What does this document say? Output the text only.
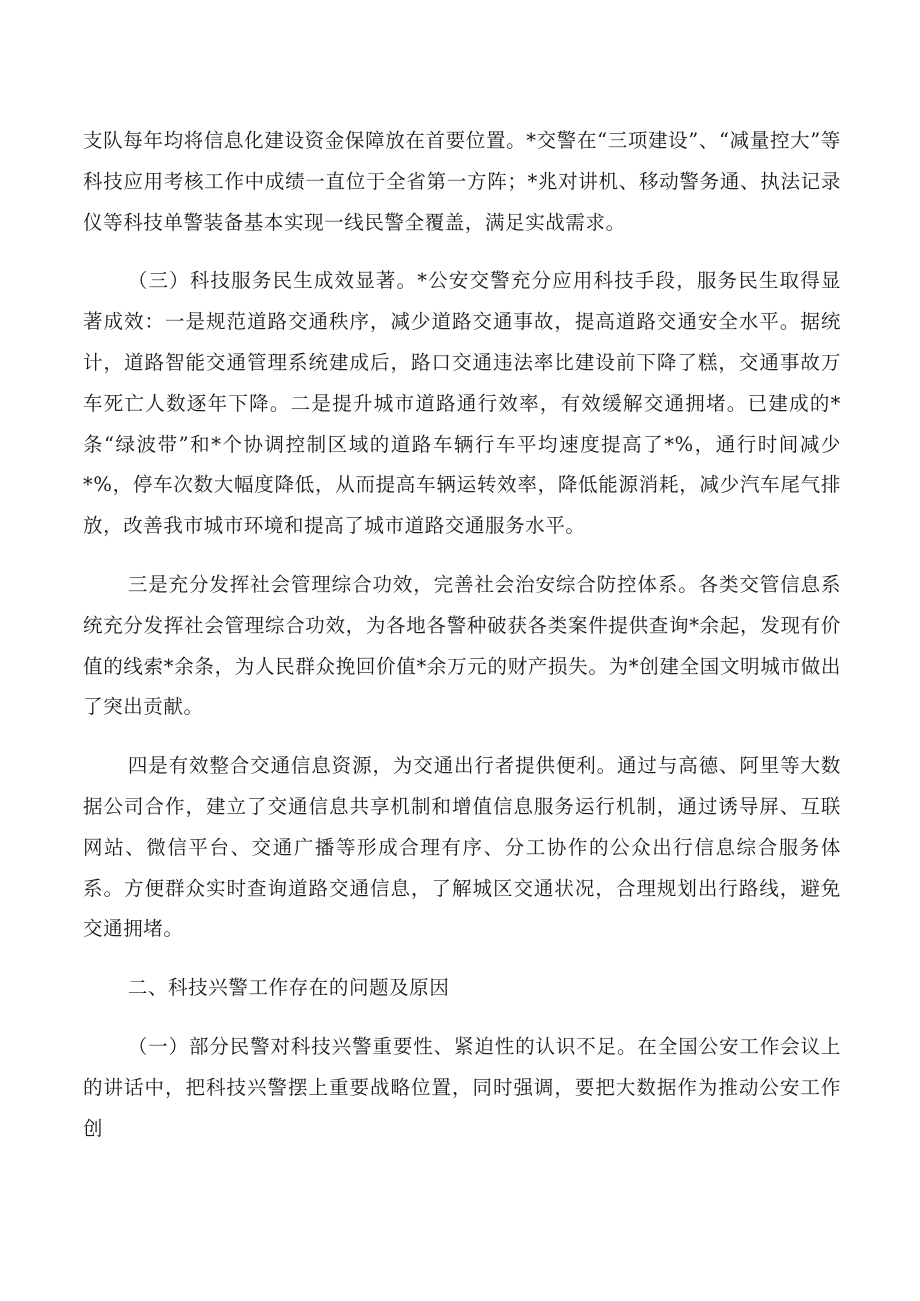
支队每年均将信息化建设资金保障放在首要位置。*交警在“三项建设”、“减量控大”等科技应用考核工作中成绩一直位于全省第一方阵；*兆对讲机、移动警务通、执法记录仪等科技单警装备基本实现一线民警全覆盖，满足实战需求。

（三）科技服务民生成效显著。*公安交警充分应用科技手段，服务民生取得显著成效：一是规范道路交通秩序，减少道路交通事故，提高道路交通安全水平。据统计，道路智能交通管理系统建成后，路口交通违法率比建设前下降了糕，交通事故万车死亡人数逐年下降。二是提升城市道路通行效率，有效缓解交通拥堵。已建成的*条“绿波带”和*个协调控制区域的道路车辆行车平均速度提高了*%，通行时间减少*%，停车次数大幅度降低，从而提高车辆运转效率，降低能源消耗，减少汽车尾气排放，改善我市城市环境和提高了城市道路交通服务水平。

三是充分发挥社会管理综合功效，完善社会治安综合防控体系。各类交管信息系统充分发挥社会管理综合功效，为各地各警种破获各类案件提供查询*余起，发现有价值的线索*余条，为人民群众挽回价值*余万元的财产损失。为*创建全国文明城市做出了突出贡献。

四是有效整合交通信息资源，为交通出行者提供便利。通过与高德、阿里等大数据公司合作，建立了交通信息共享机制和增值信息服务运行机制，通过诱导屏、互联网站、微信平台、交通广播等形成合理有序、分工协作的公众出行信息综合服务体系。方便群众实时查询道路交通信息，了解城区交通状况，合理规划出行路线，避免交通拥堵。

二、科技兴警工作存在的问题及原因

（一）部分民警对科技兴警重要性、紧迫性的认识不足。在全国公安工作会议上的讲话中，把科技兴警摆上重要战略位置，同时强调，要把大数据作为推动公安工作创
